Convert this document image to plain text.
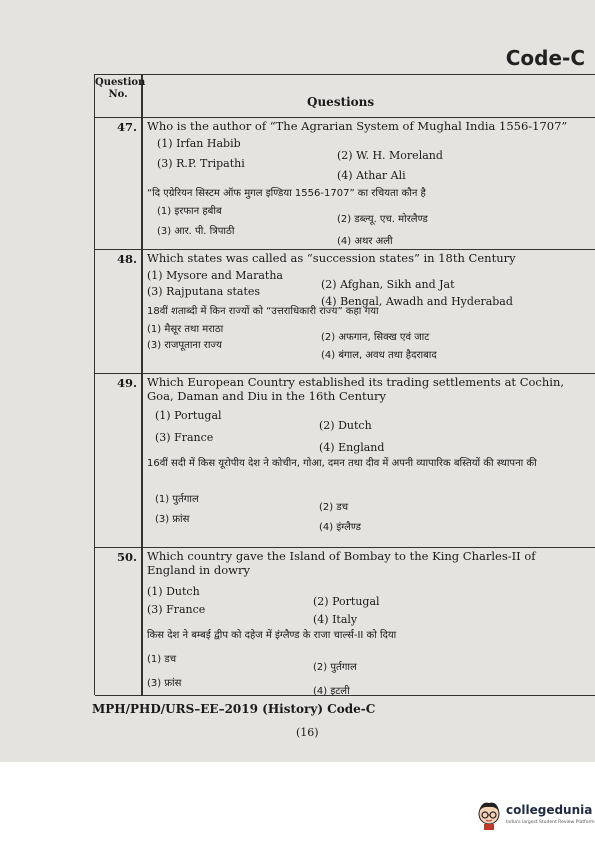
Code-C
Question No.
Questions
47. Who is the author of “The Agrarian System of Mughal India 1556-1707”
(1) Irfan Habib
(2) W. H. Moreland
(3) R.P. Tripathi
(4) Athar Ali
“दि एग्रेरियन सिस्टम ऑफ मुगल इण्डिया 1556-1707” का रचियता कौन है
(1) इरफान हबीब
(2) डब्ल्यू. एच. मोरलैण्ड
(3) आर. पी. त्रिपाठी
(4) अथर अली
48. Which states was called as “succession states” in 18th Century
(1) Mysore and Maratha
(2) Afghan, Sikh and Jat
(3) Rajputana states
(4) Bengal, Awadh and Hyderabad
18वीं शताब्दी में किन राज्यों को “उत्तराधिकारी राज्य” कहा गया
(1) मैसूर तथा मराठा
(2) अफगान, सिक्ख एवं जाट
(3) राजपूताना राज्य
(4) बंगाल, अवध तथा हैदराबाद
49. Which European Country established its trading settlements at Cochin, Goa, Daman and Diu in the 16th Century
(1) Portugal
(2) Dutch
(3) France
(4) England
16वीं सदी में किस यूरोपीय देश ने कोचीन, गोआ, दमन तथा दीव में अपनी व्यापारिक बस्तियों की स्थापना की
(1) पुर्तगाल
(2) डच
(3) फ्रांस
(4) इंग्लैण्ड
50. Which country gave the Island of Bombay to the King Charles-II of England in dowry
(1) Dutch
(2) Portugal
(3) France
(4) Italy
किस देश ने बम्बई द्वीप को दहेज में इंग्लैण्ड के राजा चार्ल्स-II को दिया
(1) डच
(2) पुर्तगाल
(3) फ्रांस
(4) इटली
MPH/PHD/URS–EE–2019 (History) Code-C
(16)
collegedunia
India's largest Student Review Platform
